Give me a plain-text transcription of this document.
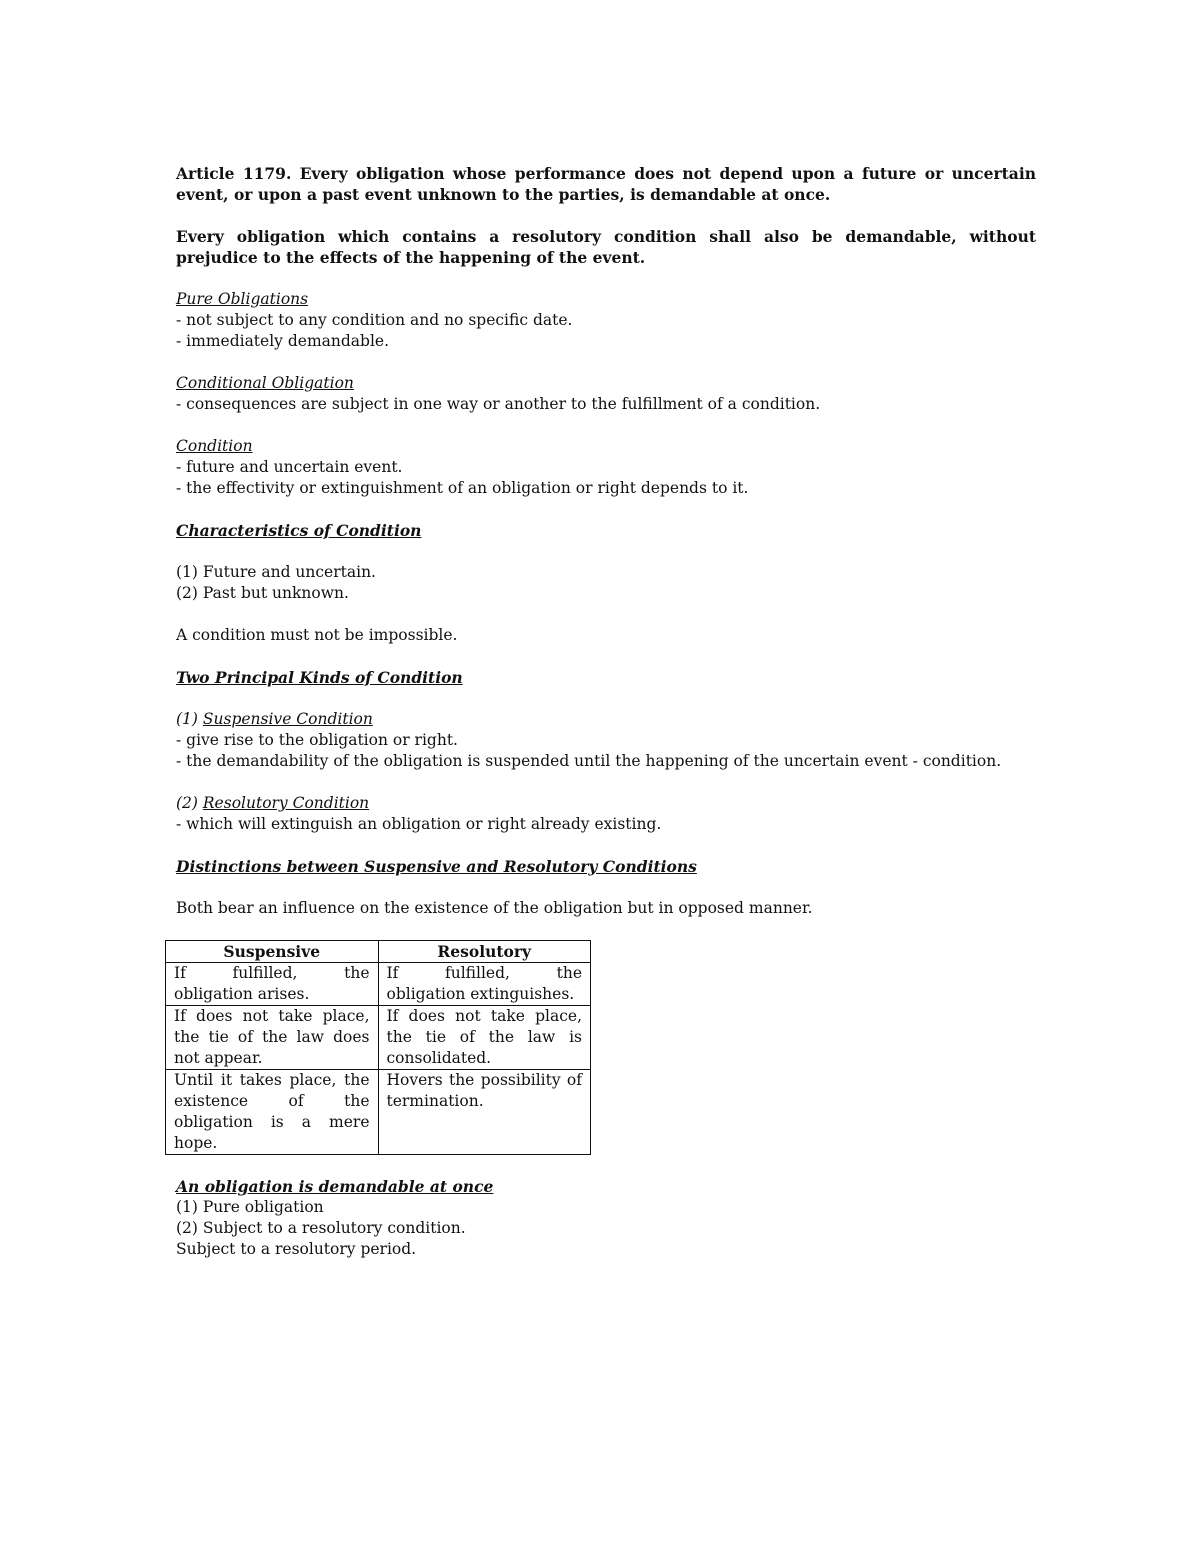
Article 1179. Every obligation whose performance does not depend upon a future or uncertain event, or upon a past event unknown to the parties, is demandable at once.

Every obligation which contains a resolutory condition shall also be demandable, without prejudice to the effects of the happening of the event.

Pure Obligations

- not subject to any condition and no specific date.

- immediately demandable.

Conditional Obligation

- consequences are subject in one way or another to the fulfillment of a condition.

Condition

- future and uncertain event.

- the effectivity or extinguishment of an obligation or right depends to it.

Characteristics of Condition

(1) Future and uncertain.

(2) Past but unknown.

A condition must not be impossible.

Two Principal Kinds of Condition

(1) Suspensive Condition

- give rise to the obligation or right.

- the demandability of the obligation is suspended until the happening of the uncertain event - condition.

(2) Resolutory Condition

- which will extinguish an obligation or right already existing.

Distinctions between Suspensive and Resolutory Conditions

Both bear an influence on the existence of the obligation but in opposed manner.

Suspensive	Resolutory
If fulfilled, the obligation arises.	If fulfilled, the obligation extinguishes.
If does not take place, the tie of the law does not appear.	If does not take place, the tie of the law is consolidated.
Until it takes place, the existence of the obligation is a mere hope.	Hovers the possibility of termination.

An obligation is demandable at once

(1) Pure obligation

(2) Subject to a resolutory condition.

Subject to a resolutory period.
